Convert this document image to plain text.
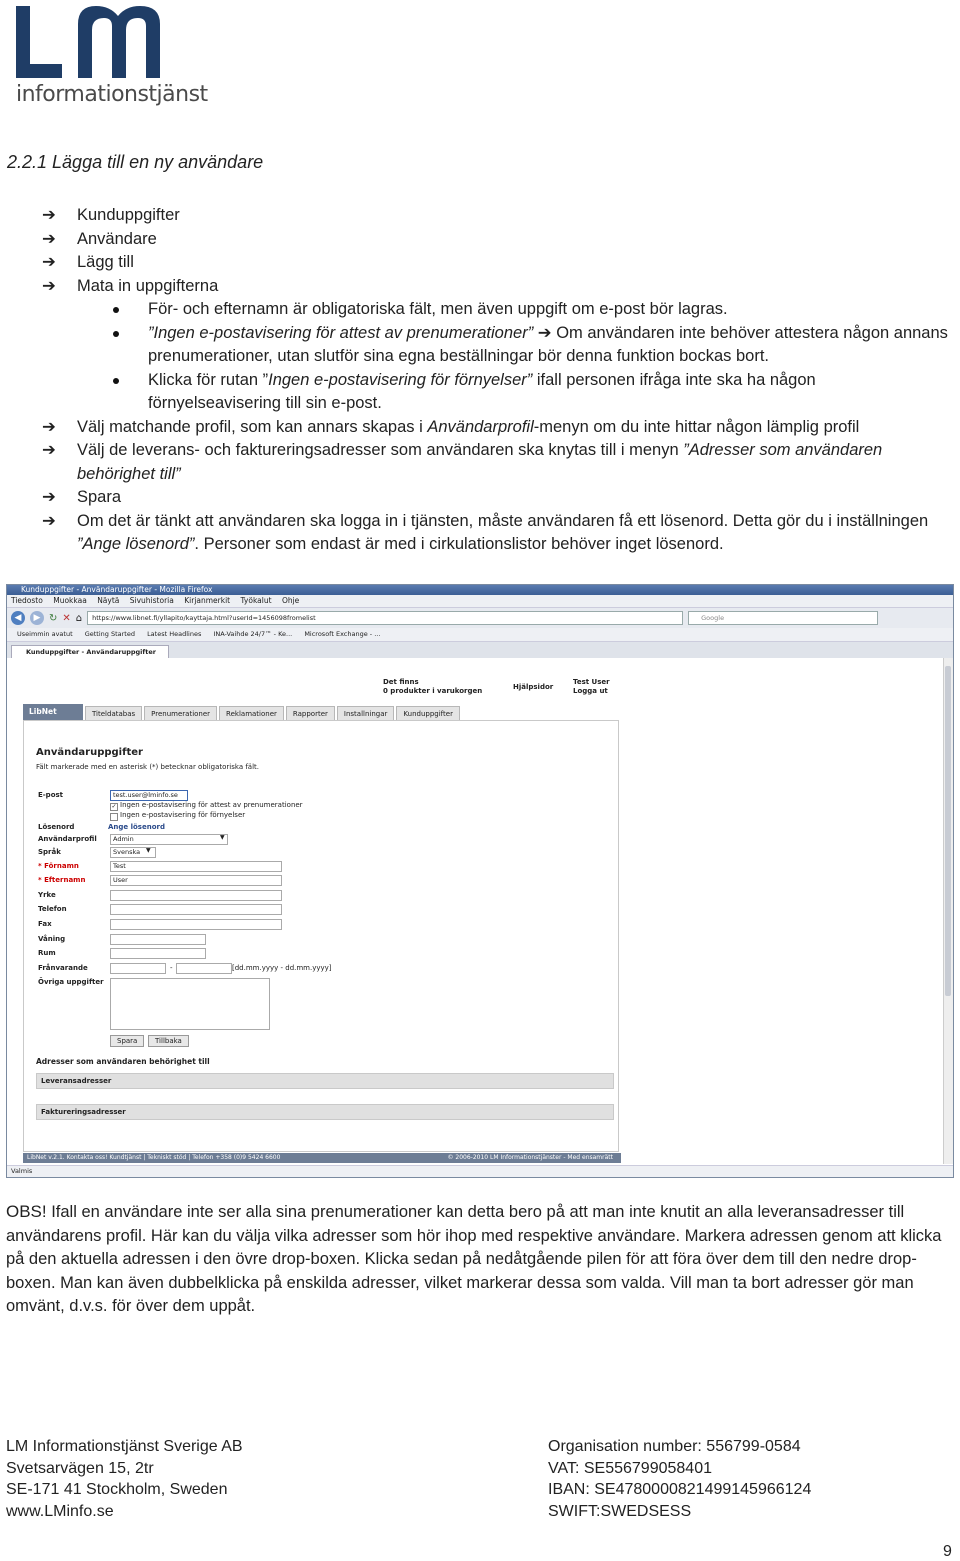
informationstjänst
2.2.1 Lägga till en ny användare
➔	Kunduppgifter
➔	Användare
➔	Lägg till
➔	Mata in uppgifterna
För- och efternamn är obligatoriska fält, men även uppgift om e-post bör lagras.
”Ingen e-postavisering för attest av prenumerationer” ➔ Om användaren inte behöver attestera någon annans prenumerationer, utan slutför sina egna beställningar bör denna funktion bockas bort.
Klicka för rutan ”Ingen e-postavisering för förnyelser” ifall personen ifråga inte ska ha någon förnyelseavisering till sin e-post.
➔	Välj matchande profil, som kan annars skapas i Användarprofil-menyn om du inte hittar någon lämplig profil
➔	Välj de leverans- och faktureringsadresser som användaren ska knytas till i menyn ”Adresser som användaren behörighet till”
➔	Spara
➔	Om det är tänkt att användaren ska logga in i tjänsten, måste användaren få ett lösenord. Detta gör du i inställningen ”Ange lösenord”. Personer som endast är med i cirkulationslistor behöver inget lösenord.
Kunduppgifter - Användaruppgifter - Mozilla Firefox
Tiedosto Muokkaa Näytä Sivuhistoria Kirjanmerkit Työkalut Ohje
◀	▶ ↻ ✕ ⌂	https://www.libnet.fi/yllapito/kayttaja.html?userId=1456098fromelist	Google
Useimmin avatut Getting Started Latest Headlines INA-Vaihde 24/7™ - Ke... Microsoft Exchange - ...
Kunduppgifter - Användaruppgifter
Det finns
0 produkter i varukorgen	Hjälpsidor
Test User
Logga ut
LibNet	Titeldatabas	Prenumerationer	Reklamationer	Rapporter	Installningar	Kunduppgifter
Användaruppgifter
Fält markerade med en asterisk (*) betecknar obligatoriska fält.
E-post	test.user@lminfo.se
✓ Ingen e-postavisering för attest av prenumerationer
Ingen e-postavisering för förnyelser
Lösenord	Ange lösenord
Användarprofil	Admin	▼
Språk	Svenska ▼
* Förnamn	Test
* Efternamn	User
Yrke
Telefon
Fax
Våning
Rum
Frånvarande	-	[dd.mm.yyyy - dd.mm.yyyy]
Övriga uppgifter
Spara	Tillbaka
Adresser som användaren behörighet till
Leveransadresser
Faktureringsadresser
LibNet v.2.1. Kontakta oss! Kundtjänst | Tekniskt stöd | Telefon +358 (0)9 5424 6600	© 2006-2010 LM Informationstjänster - Med ensamrätt
Valmis
OBS! Ifall en användare inte ser alla sina prenumerationer kan detta bero på att man inte knutit an alla leveransadresser till användarens profil. Här kan du välja vilka adresser som hör ihop med respektive användare. Markera adressen genom att klicka på den aktuella adressen i den övre drop-boxen. Klicka sedan på nedåtgående pilen för att föra över dem till den nedre drop-boxen. Man kan även dubbelklicka på enskilda adresser, vilket markerar dessa som valda. Vill man ta bort adresser gör man omvänt, d.v.s. för över dem uppåt.
LM Informationstjänst Sverige AB
Svetsarvägen 15, 2tr
SE-171 41 Stockholm, Sweden
www.LMinfo.se
Organisation number: 556799-0584
VAT: SE556799058401
IBAN: SE4780000821499145966124
SWIFT:SWEDSESS
9
